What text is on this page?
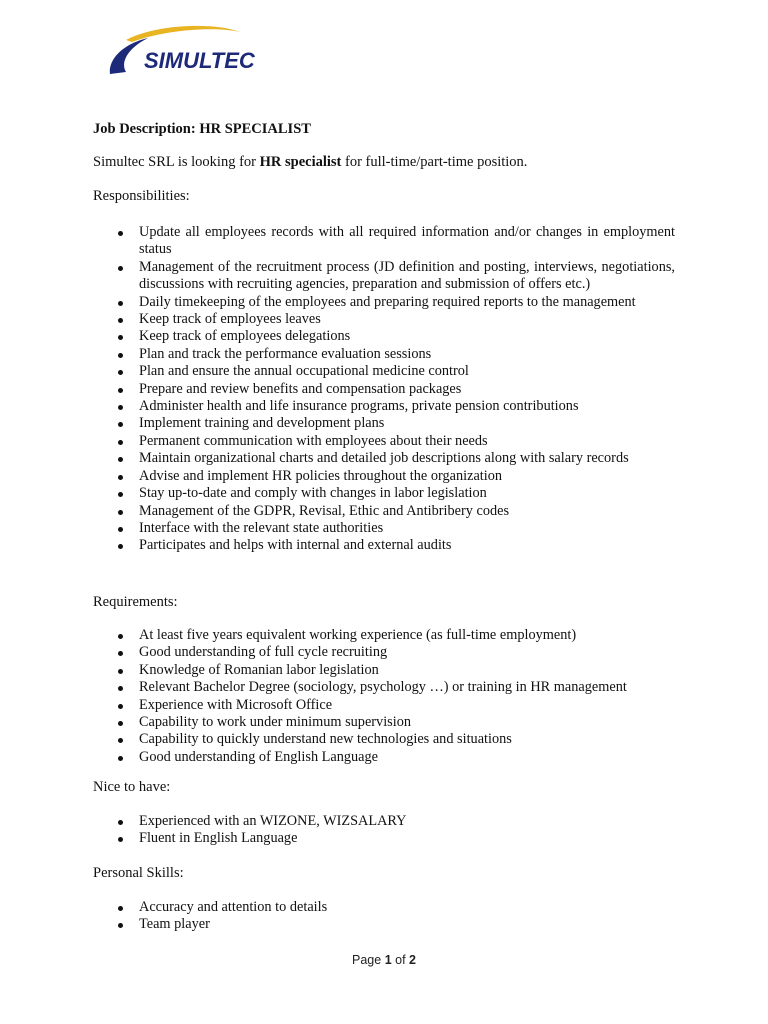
SIMULTEC
Job Description: HR SPECIALIST
Simultec SRL is looking for HR specialist for full-time/part-time position.
Responsibilities:
Update all employees records with all required information and/or changes in employment status
Management of the recruitment process (JD definition and posting, interviews, negotiations, discussions with recruiting agencies, preparation and submission of offers etc.)
Daily timekeeping of the employees and preparing required reports to the management
Keep track of employees leaves
Keep track of employees delegations
Plan and track the performance evaluation sessions
Plan and ensure the annual occupational medicine control
Prepare and review benefits and compensation packages
Administer health and life insurance programs, private pension contributions
Implement training and development plans
Permanent communication with employees about their needs
Maintain organizational charts and detailed job descriptions along with salary records
Advise and implement HR policies throughout the organization
Stay up-to-date and comply with changes in labor legislation
Management of the GDPR, Revisal, Ethic and Antibribery codes
Interface with the relevant state authorities
Participates and helps with internal and external audits
Requirements:
At least five years equivalent working experience (as full-time employment)
Good understanding of full cycle recruiting
Knowledge of Romanian labor legislation
Relevant Bachelor Degree (sociology, psychology …) or training in HR management
Experience with Microsoft Office
Capability to work under minimum supervision
Capability to quickly understand new technologies and situations
Good understanding of English Language
Nice to have:
Experienced with an WIZONE, WIZSALARY
Fluent in English Language
Personal Skills:
Accuracy and attention to details
Team player
Page 1 of 2
